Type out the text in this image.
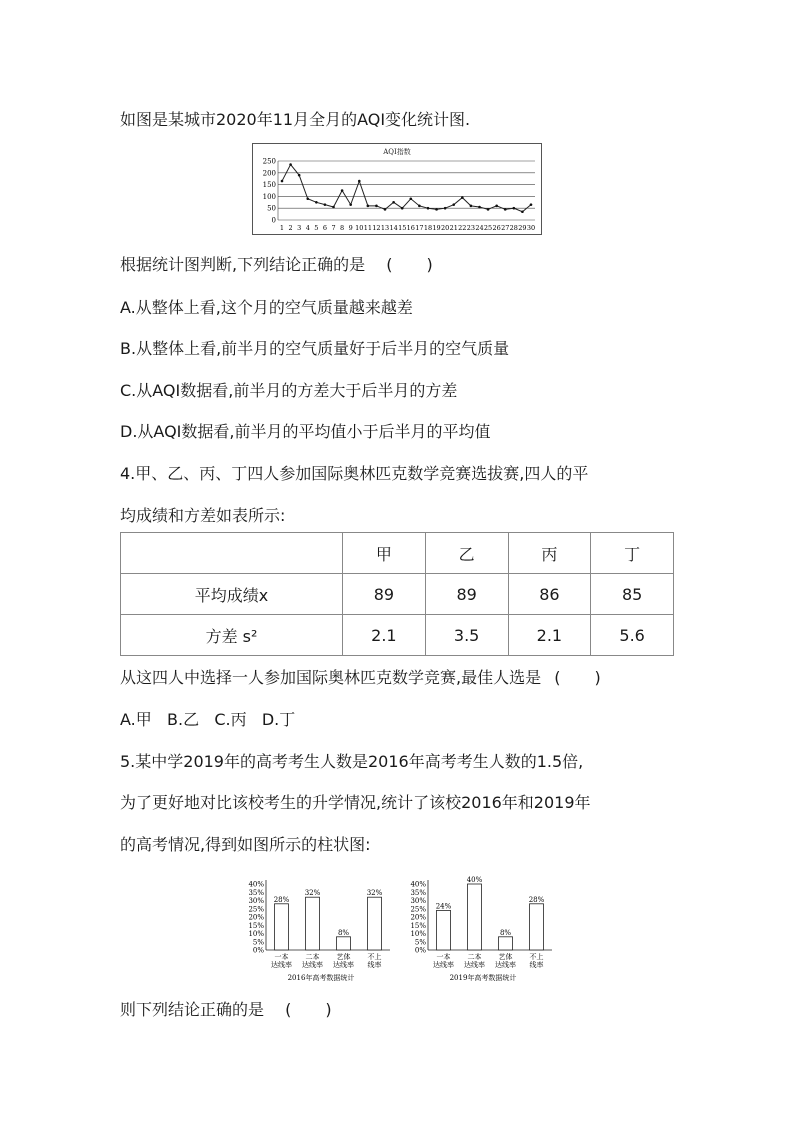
如图是某城市2020年11月全月的AQI变化统计图.
AQI指数
0
50
100
150
200
250
1 2 3 4 5 6 7 8 9 10 11 12 13 14 15 16 17 18 19 20 21 22 23 24 25 26 27 28 29 30
根据统计图判断,下列结论正确的是 ( )
A.从整体上看,这个月的空气质量越来越差
B.从整体上看,前半月的空气质量好于后半月的空气质量
C.从AQI数据看,前半月的方差大于后半月的方差
D.从AQI数据看,前半月的平均值小于后半月的平均值
4.甲、乙、丙、丁四人参加国际奥林匹克数学竞赛选拔赛,四人的平
均成绩和方差如表所示:
	甲	乙	丙	丁
平均成绩x	89	89	86	85
方差 s²	2.1	3.5	2.1	5.6
从这四人中选择一人参加国际奥林匹克数学竞赛,最佳人选是 ( )
A.甲   B.乙   C.丙   D.丁
5.某中学2019年的高考考生人数是2016年高考考生人数的1.5倍,
为了更好地对比该校考生的升学情况,统计了该校2016年和2019年
的高考情况,得到如图所示的柱状图:
0%
5%
10%
15%
20%
25%
30%
35%
40%
28%
一本
达线率
32%
二本
达线率
8%
艺体
达线率
32%
不上
线率
2016年高考数据统计
0%
5%
10%
15%
20%
25%
30%
35%
40%
24%
一本
达线率
40%
二本
达线率
8%
艺体
达线率
28%
不上
线率
2019年高考数据统计
则下列结论正确的是 ( )
